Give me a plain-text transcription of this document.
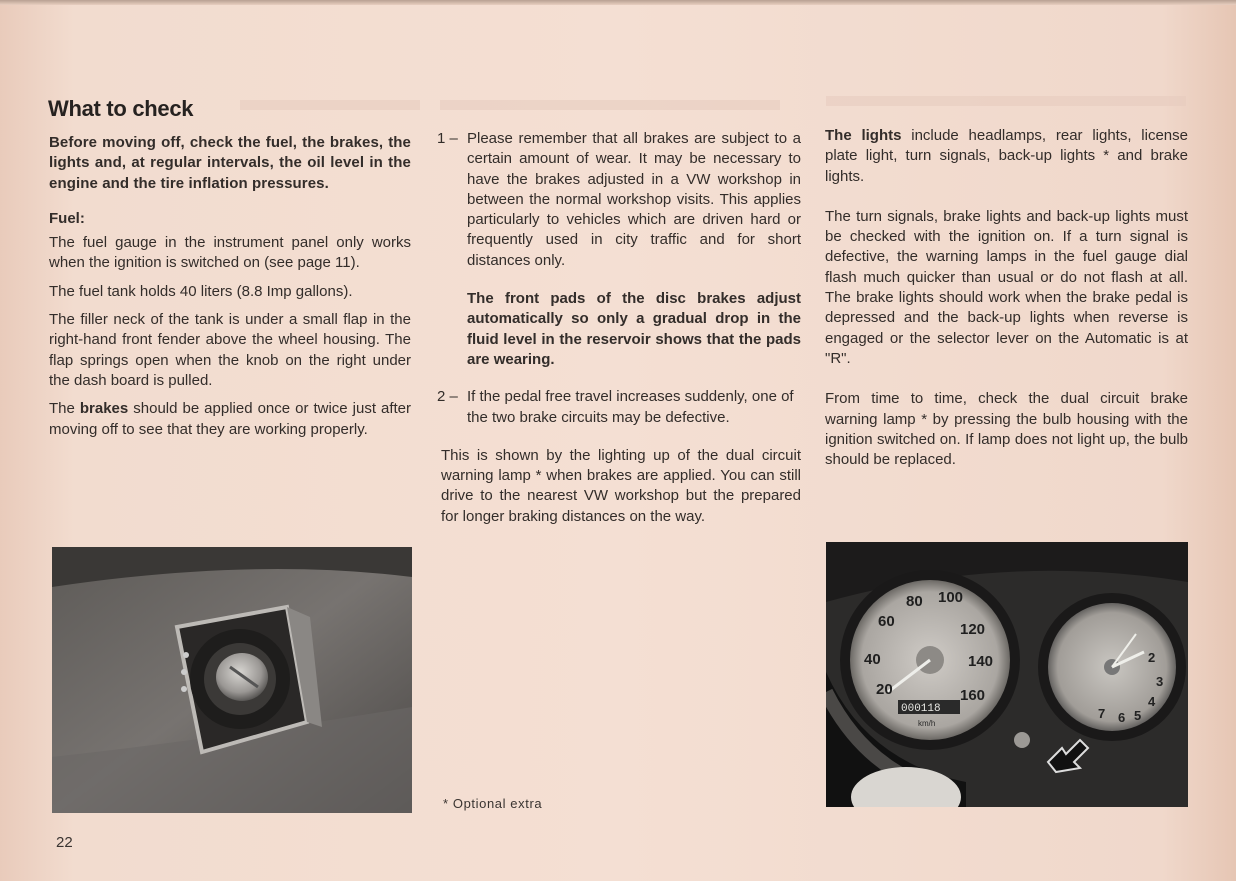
What to check

Before moving off, check the fuel, the brakes, the lights and, at regular intervals, the oil level in the engine and the tire inflation pressures.

Fuel:

The fuel gauge in the instrument panel only works when the ignition is switched on (see page 11).

The fuel tank holds 40 liters (8.8 Imp gallons).

The filler neck of the tank is under a small flap in the right-hand front fender above the wheel housing. The flap springs open when the knob on the right under the dash board is pulled.

The brakes should be applied once or twice just after moving off to see that they are working properly.

1 – Please remember that all brakes are subject to a certain amount of wear. It may be necessary to have the brakes adjusted in a VW workshop in between the normal workshop visits. This applies particularly to vehicles which are driven hard or frequently used in city traffic and for short distances only.

The front pads of the disc brakes adjust automatically so only a gradual drop in the fluid level in the reservoir shows that the pads are wearing.

2 – If the pedal free travel increases suddenly, one of the two brake circuits may be defective.

This is shown by the lighting up of the dual circuit warning lamp * when brakes are applied. You can still drive to the nearest VW workshop but the prepared for longer braking distances on the way.

* Optional extra

The lights include headlamps, rear lights, license plate light, turn signals, back-up lights * and brake lights.

The turn signals, brake lights and back-up lights must be checked with the ignition on. If a turn signal is defective, the warning lamps in the fuel gauge dial flash much quicker than usual or do not flash at all. The brake lights should work when the brake pedal is depressed and the back-up lights when reverse is engaged or the selector lever on the Automatic is at "R".

From time to time, check the dual circuit brake warning lamp * by pressing the bulb housing with the ignition switched on. If lamp does not light up, the bulb should be replaced.

20
40
60
80 100
120
140
160
000118
km/h
2
3
4
5
6
7
22
